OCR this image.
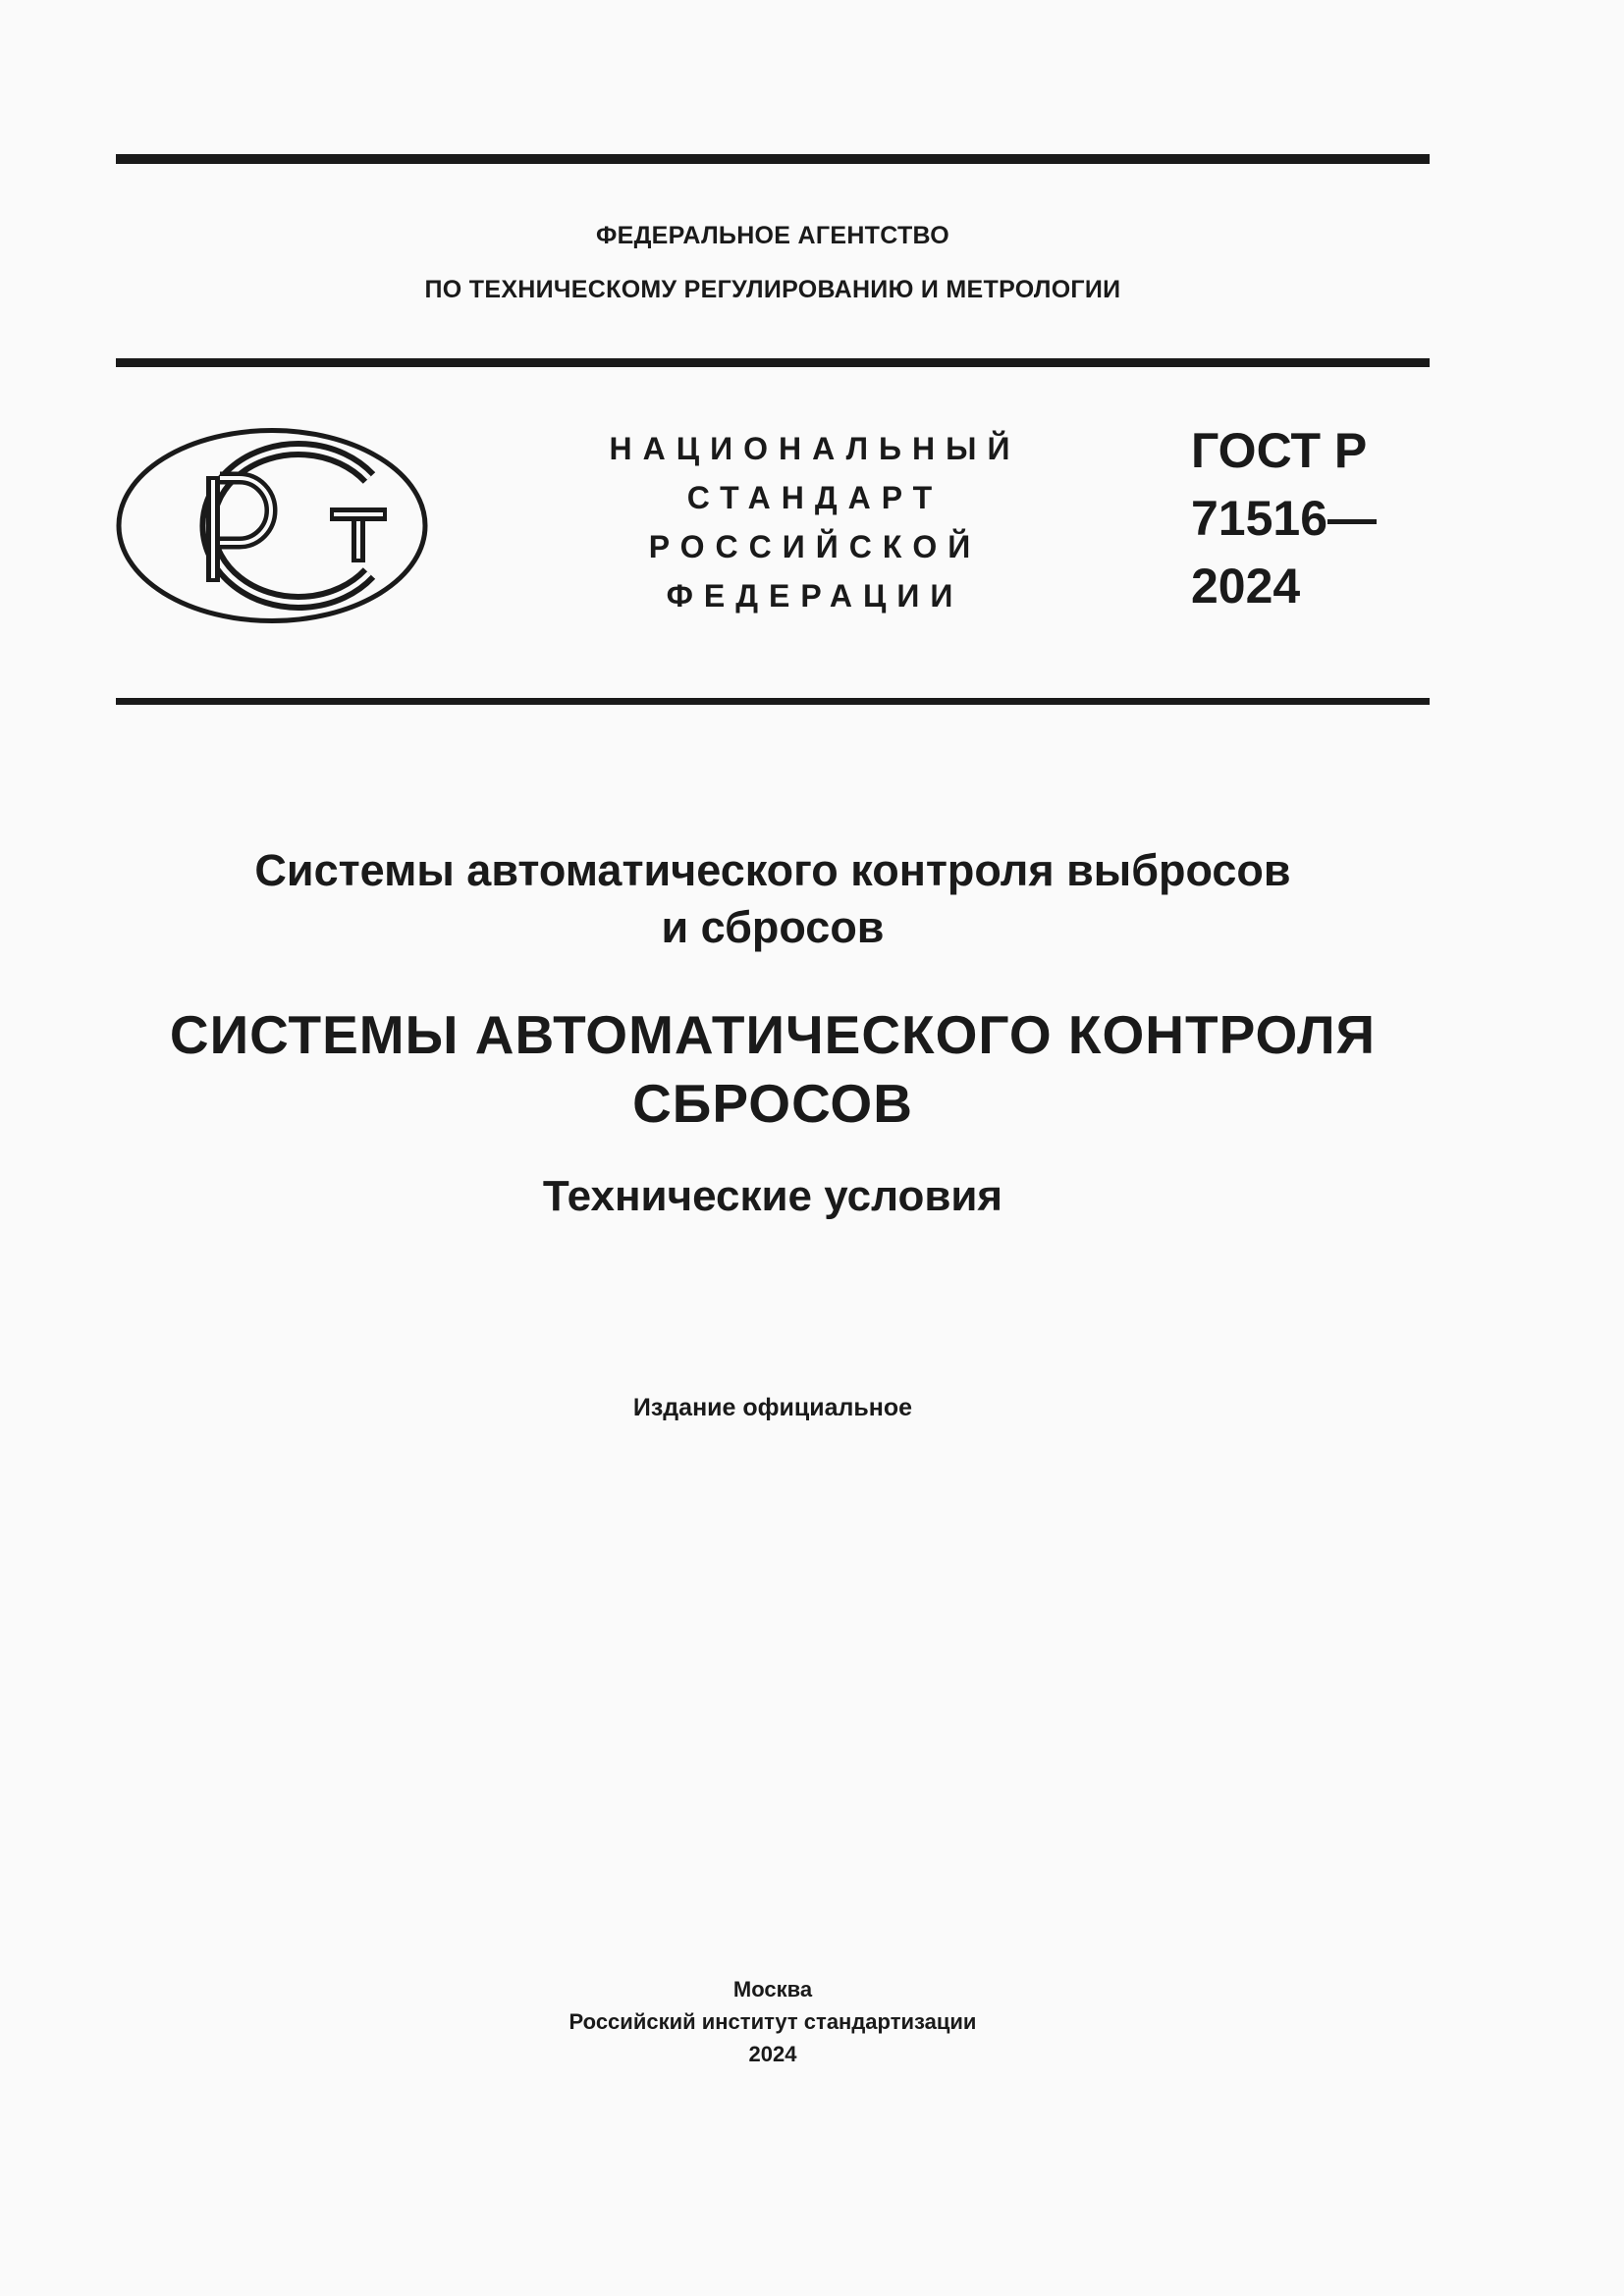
ФЕДЕРАЛЬНОЕ АГЕНТСТВО
ПО ТЕХНИЧЕСКОМУ РЕГУЛИРОВАНИЮ И МЕТРОЛОГИИ
НАЦИОНАЛЬНЫЙ
СТАНДАРТ
РОССИЙСКОЙ
ФЕДЕРАЦИИ
ГОСТ Р
71516—
2024
Системы автоматического контроля выбросов
и сбросов
СИСТЕМЫ АВТОМАТИЧЕСКОГО КОНТРОЛЯ
СБРОСОВ
Технические условия
Издание официальное
Москва
Российский институт стандартизации
2024
